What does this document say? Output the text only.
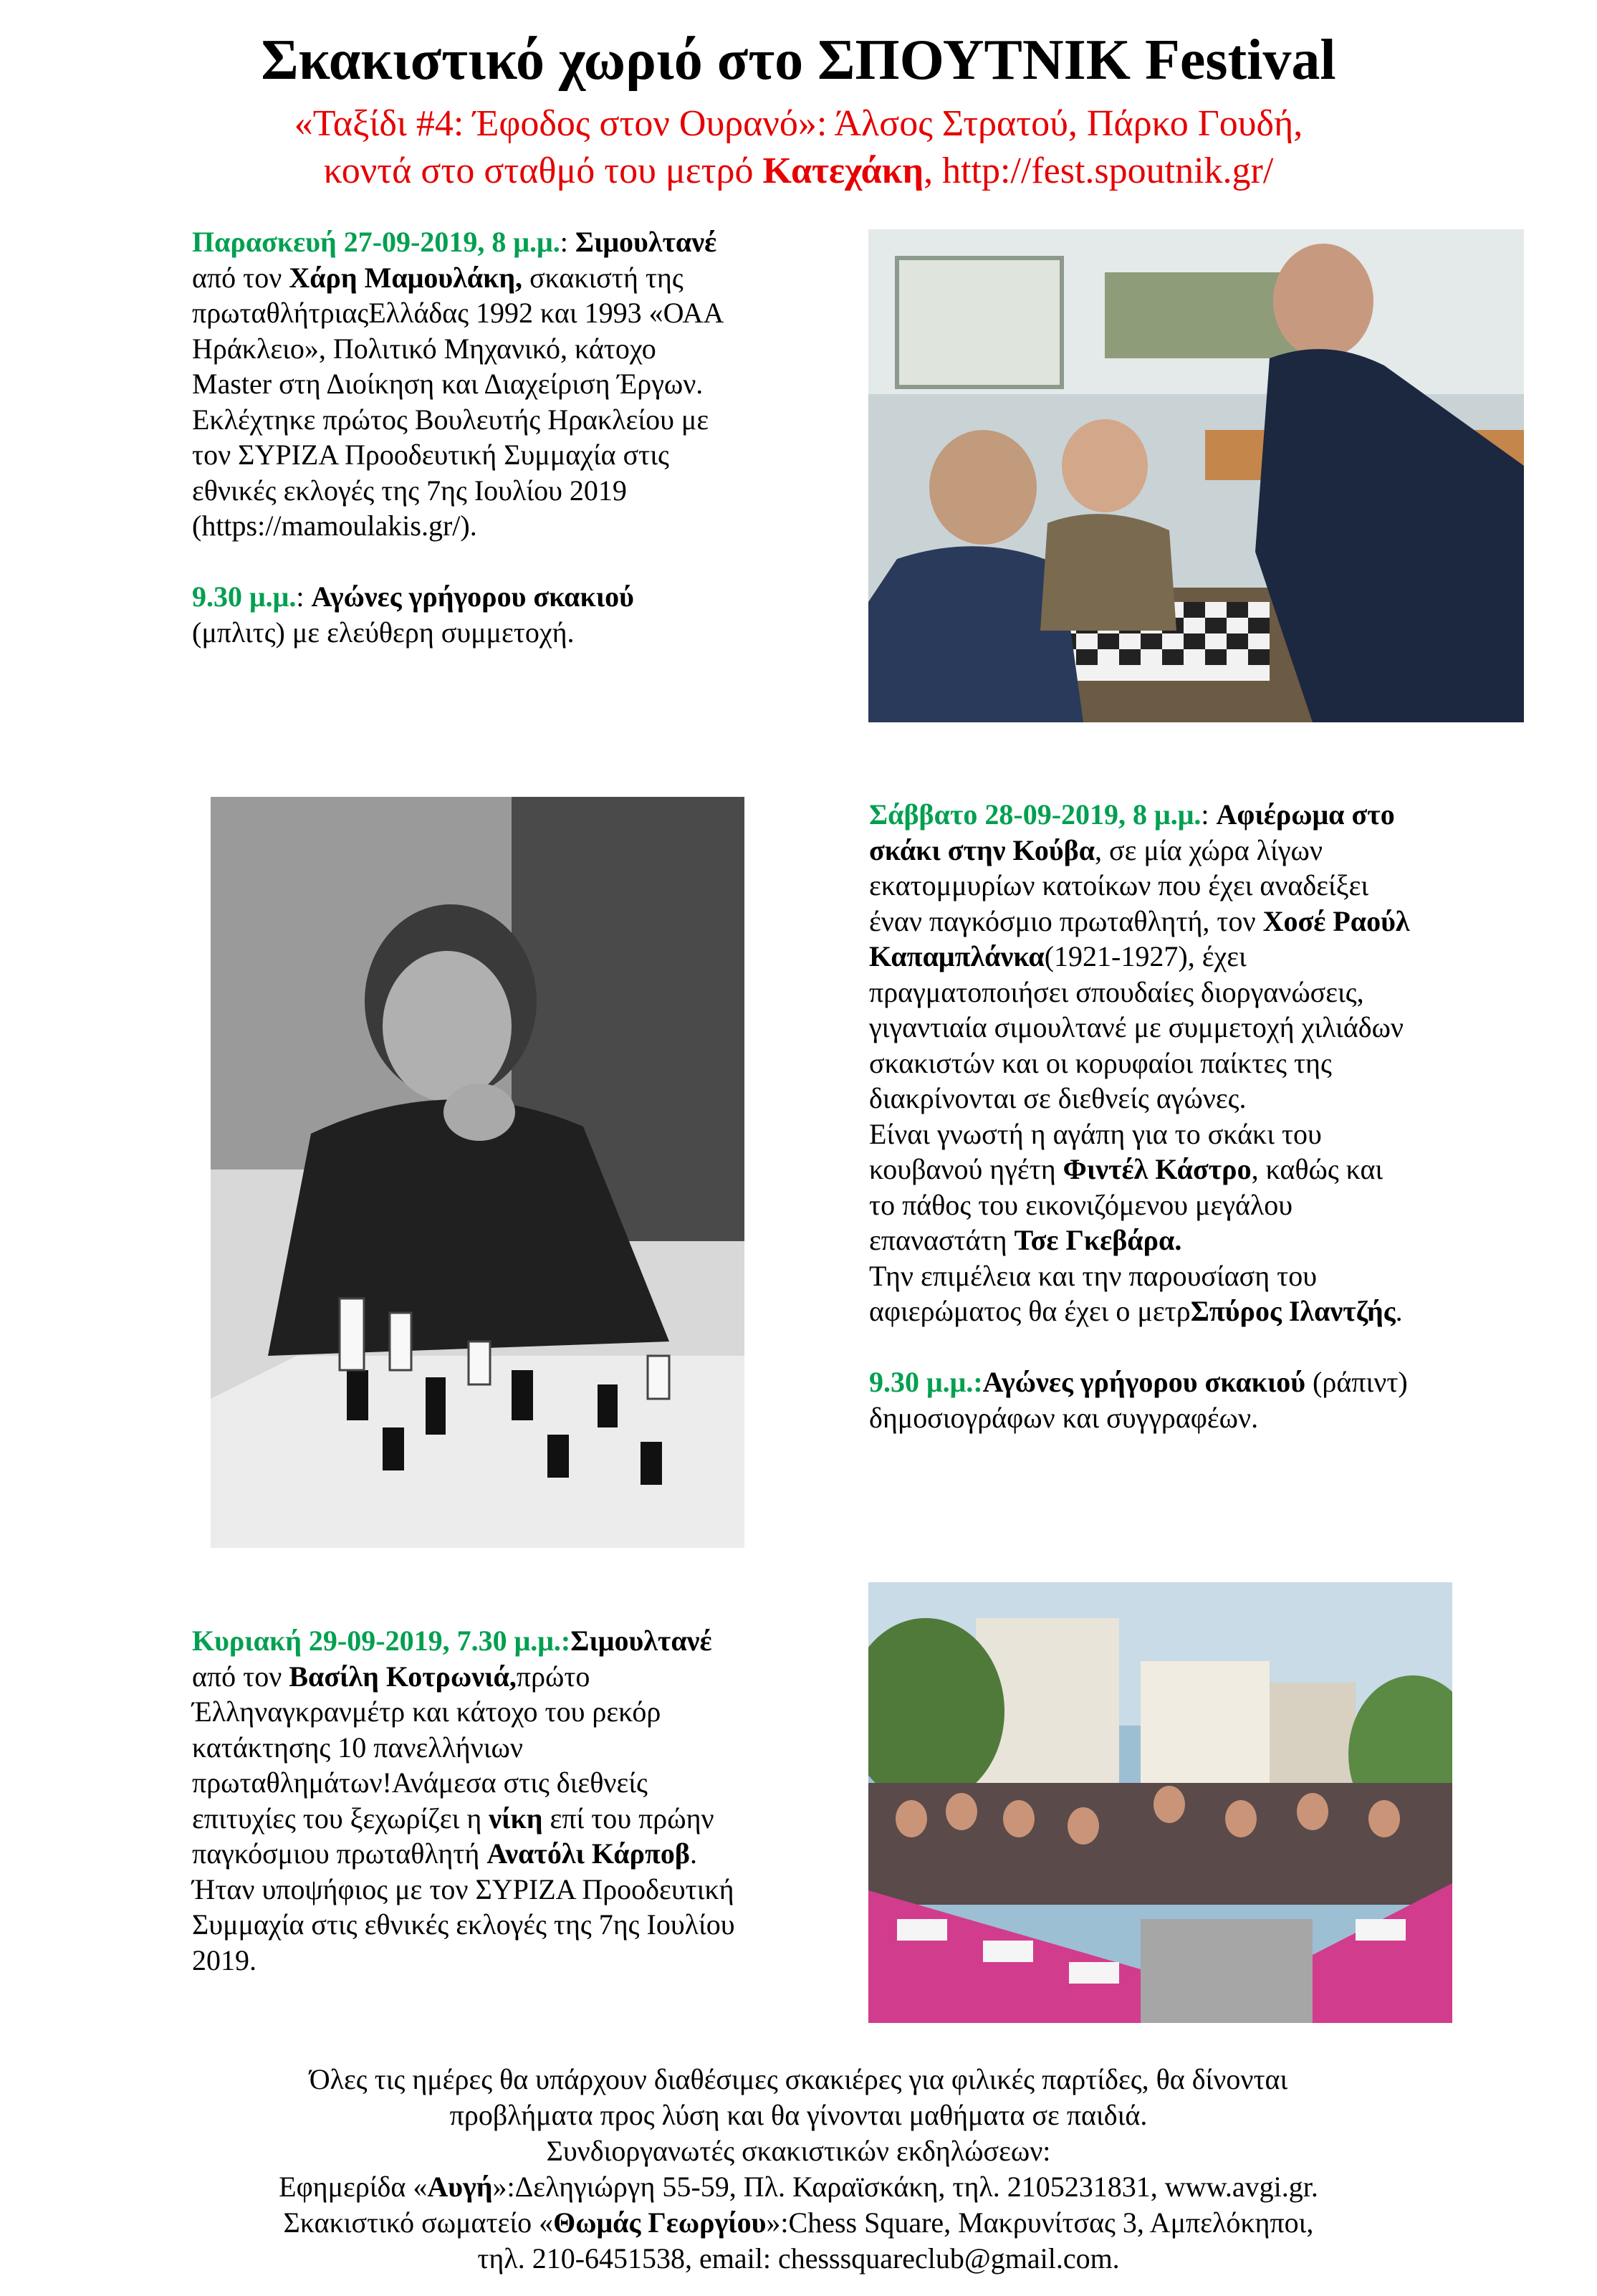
Σκακιστικό χωριό στο ΣΠΟΥΤΝΙΚ Festival
«Ταξίδι #4: Έφοδος στον Ουρανό»: Άλσος Στρατού, Πάρκο Γουδή,
κοντά στο σταθμό του μετρό Κατεχάκη, http://fest.spoutnik.gr/
Παρασκευή 27-09-2019, 8 μ.μ.: Σιμουλτανέ
από τον Χάρη Μαμουλάκη, σκακιστή της
πρωταθλήτριαςΕλλάδας 1992 και 1993 «ΟΑΑ
Ηράκλειο», Πολιτικό Μηχανικό, κάτοχο
Master στη Διοίκηση και Διαχείριση Έργων.
Εκλέχτηκε πρώτος Βουλευτής Ηρακλείου με
τον ΣΥΡΙΖΑ Προοδευτική Συμμαχία στις
εθνικές εκλογές της 7ης Ιουλίου 2019
(https://mamoulakis.gr/).
9.30 μ.μ.: Αγώνες γρήγορου σκακιού
(μπλιτς) με ελεύθερη συμμετοχή.
Σάββατο 28-09-2019, 8 μ.μ.: Αφιέρωμα στο
σκάκι στην Κούβα, σε μία χώρα λίγων
εκατομμυρίων κατοίκων που έχει αναδείξει
έναν παγκόσμιο πρωταθλητή, τον Χοσέ Ραούλ
Καπαμπλάνκα(1921-1927), έχει
πραγματοποιήσει σπουδαίες διοργανώσεις,
γιγαντιαία σιμουλτανέ με συμμετοχή χιλιάδων
σκακιστών και οι κορυφαίοι παίκτες της
διακρίνονται σε διεθνείς αγώνες.
Είναι γνωστή η αγάπη για το σκάκι του
κουβανού ηγέτη Φιντέλ Κάστρο, καθώς και
το πάθος του εικονιζόμενου μεγάλου
επαναστάτη Τσε Γκεβάρα.
Την επιμέλεια και την παρουσίαση του
αφιερώματος θα έχει ο μετρΣπύρος Ιλαντζής.
9.30 μ.μ.:Αγώνες γρήγορου σκακιού (ράπιντ)
δημοσιογράφων και συγγραφέων.
Κυριακή 29-09-2019, 7.30 μ.μ.:Σιμουλτανέ
από τον Βασίλη Κοτρωνιά,πρώτο
Έλληναγκρανμέτρ και κάτοχο του ρεκόρ
κατάκτησης 10 πανελλήνιων
πρωταθλημάτων!Ανάμεσα στις διεθνείς
επιτυχίες του ξεχωρίζει η νίκη επί του πρώην
παγκόσμιου πρωταθλητή Ανατόλι Κάρποβ.
Ήταν υποψήφιος με τον ΣΥΡΙΖΑ Προοδευτική
Συμμαχία στις εθνικές εκλογές της 7ης Ιουλίου
2019.
Όλες τις ημέρες θα υπάρχουν διαθέσιμες σκακιέρες για φιλικές παρτίδες, θα δίνονται
προβλήματα προς λύση και θα γίνονται μαθήματα σε παιδιά.
Συνδιοργανωτές σκακιστικών εκδηλώσεων:
Εφημερίδα «Αυγή»:Δεληγιώργη 55-59, Πλ. Καραϊσκάκη, τηλ. 2105231831, www.avgi.gr.
Σκακιστικό σωματείο «Θωμάς Γεωργίου»:Chess Square, Μακρυνίτσας 3, Αμπελόκηποι,
τηλ. 210-6451538, email: chesssquareclub@gmail.com.
